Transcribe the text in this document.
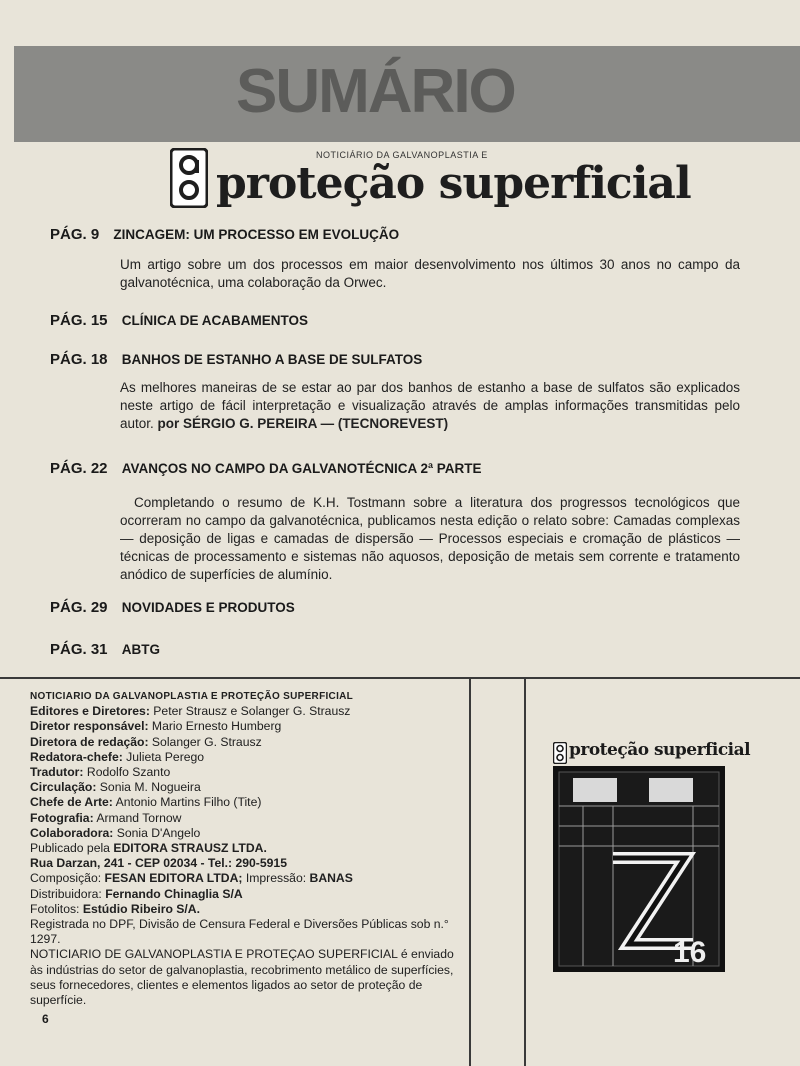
SUMÁRIO
NOTICIÁRIO DA GALVANOPLASTIA E
proteção superficial
PÁG. 9 ZINCAGEM: UM PROCESSO EM EVOLUÇÃO
Um artigo sobre um dos processos em maior desenvolvimento nos últimos 30 anos no campo da galvanotécnica, uma colaboração da Orwec.
PÁG. 15 CLÍNICA DE ACABAMENTOS
PÁG. 18 BANHOS DE ESTANHO A BASE DE SULFATOS
As melhores maneiras de se estar ao par dos banhos de estanho a base de sulfatos são explicados neste artigo de fácil interpretação e visualização através de amplas informações transmitidas pelo autor. por SÉRGIO G. PEREIRA — (TECNOREVEST)
PÁG. 22 AVANÇOS NO CAMPO DA GALVANOTÉCNICA 2ª PARTE
Completando o resumo de K.H. Tostmann sobre a literatura dos progressos tecnológicos que ocorreram no campo da galvanotécnica, publicamos nesta edição o relato sobre: Camadas complexas — deposição de ligas e camadas de dispersão — Processos especiais e cromação de plásticos — técnicas de processamento e sistemas não aquosos, deposição de metais sem corrente e tratamento anódico de superfícies de alumínio.
PÁG. 29 NOVIDADES E PRODUTOS
PÁG. 31 ABTG

NOTICIARIO DA GALVANOPLASTIA E PROTEÇÃO SUPERFICIAL

Editores e Diretores: Peter Strausz e Solanger G. Strausz

Diretor responsável: Mario Ernesto Humberg

Diretora de redação: Solanger G. Strausz

Redatora-chefe: Julieta Perego

Tradutor: Rodolfo Szanto

Circulação: Sonia M. Nogueira

Chefe de Arte: Antonio Martins Filho (Tite)

Fotografia: Armand Tornow

Colaboradora: Sonia D'Angelo

Publicado pela EDITORA STRAUSZ LTDA.

Rua Darzan, 241 - CEP 02034 - Tel.: 290-5915

Composição: FESAN EDITORA LTDA; Impressão: BANAS

Distribuidora: Fernando Chinaglia S/A

Fotolitos: Estúdio Ribeiro S/A.

Registrada no DPF, Divisão de Censura Federal e Diversões Públicas sob n.° 1297.

NOTICIARIO DE GALVANOPLASTIA E PROTEÇAO SUPERFICIAL é enviado às indústrias do setor de galvanoplastia, recobrimento metálico de superfícies, seus fornecedores, clientes e elementos ligados ao setor de proteção de superfície.

6
proteção superficial
16
